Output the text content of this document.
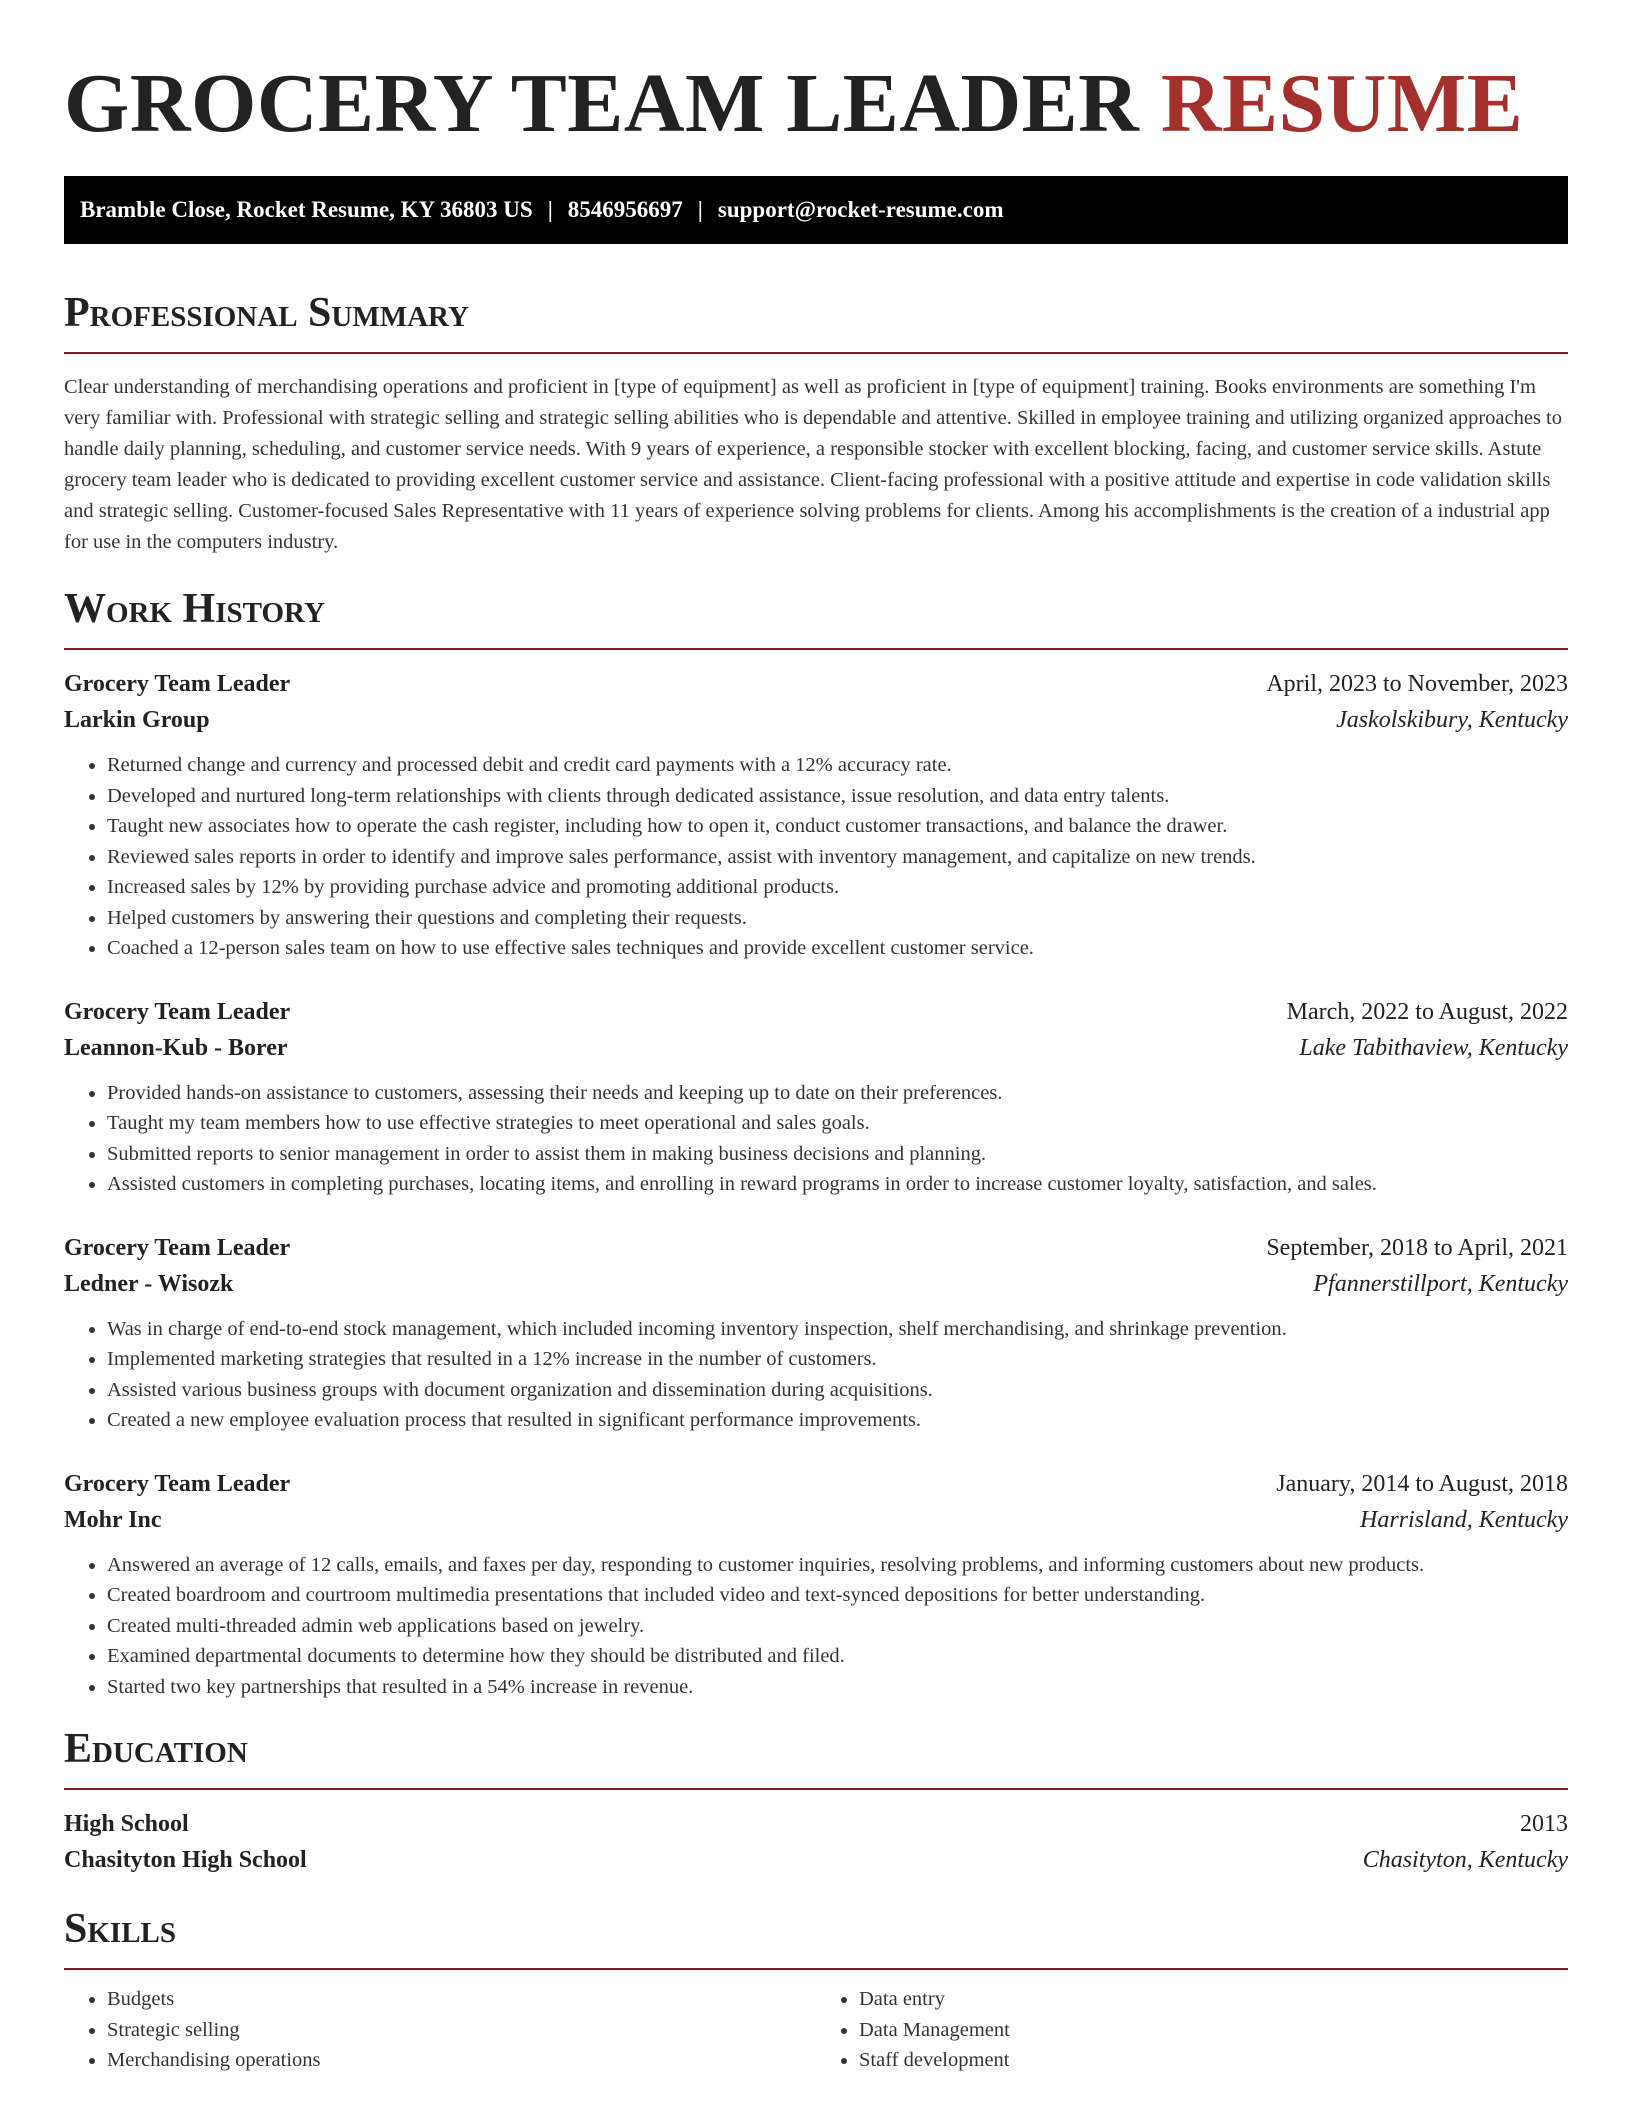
GROCERY TEAM LEADER RESUME
Bramble Close, Rocket Resume, KY 36803 US | 8546956697 | support@rocket-resume.com
Professional Summary

Clear understanding of merchandising operations and proficient in [type of equipment] as well as proficient in [type of equipment] training. Books environments are something I'm very familiar with. Professional with strategic selling and strategic selling abilities who is dependable and attentive. Skilled in employee training and utilizing organized approaches to handle daily planning, scheduling, and customer service needs. With 9 years of experience, a responsible stocker with excellent blocking, facing, and customer service skills. Astute grocery team leader who is dedicated to providing excellent customer service and assistance. Client-facing professional with a positive attitude and expertise in code validation skills and strategic selling. Customer-focused Sales Representative with 11 years of experience solving problems for clients. Among his accomplishments is the creation of a industrial app for use in the computers industry.

Work History
Grocery Team Leader	April, 2023 to November, 2023
Larkin Group	Jaskolskibury, Kentucky
• Returned change and currency and processed debit and credit card payments with a 12% accuracy rate.
• Developed and nurtured long-term relationships with clients through dedicated assistance, issue resolution, and data entry talents.
• Taught new associates how to operate the cash register, including how to open it, conduct customer transactions, and balance the drawer.
• Reviewed sales reports in order to identify and improve sales performance, assist with inventory management, and capitalize on new trends.
• Increased sales by 12% by providing purchase advice and promoting additional products.
• Helped customers by answering their questions and completing their requests.
• Coached a 12-person sales team on how to use effective sales techniques and provide excellent customer service.
Grocery Team Leader	March, 2022 to August, 2022
Leannon-Kub - Borer	Lake Tabithaview, Kentucky
• Provided hands-on assistance to customers, assessing their needs and keeping up to date on their preferences.
• Taught my team members how to use effective strategies to meet operational and sales goals.
• Submitted reports to senior management in order to assist them in making business decisions and planning.
• Assisted customers in completing purchases, locating items, and enrolling in reward programs in order to increase customer loyalty, satisfaction, and sales.
Grocery Team Leader	September, 2018 to April, 2021
Ledner - Wisozk	Pfannerstillport, Kentucky
• Was in charge of end-to-end stock management, which included incoming inventory inspection, shelf merchandising, and shrinkage prevention.
• Implemented marketing strategies that resulted in a 12% increase in the number of customers.
• Assisted various business groups with document organization and dissemination during acquisitions.
• Created a new employee evaluation process that resulted in significant performance improvements.
Grocery Team Leader	January, 2014 to August, 2018
Mohr Inc	Harrisland, Kentucky
• Answered an average of 12 calls, emails, and faxes per day, responding to customer inquiries, resolving problems, and informing customers about new products.
• Created boardroom and courtroom multimedia presentations that included video and text-synced depositions for better understanding.
• Created multi-threaded admin web applications based on jewelry.
• Examined departmental documents to determine how they should be distributed and filed.
• Started two key partnerships that resulted in a 54% increase in revenue.
Education
High School	2013
Chasityton High School	Chasityton, Kentucky
Skills
• Budgets
• Strategic selling
• Merchandising operations
• Data entry
• Data Management
• Staff development
